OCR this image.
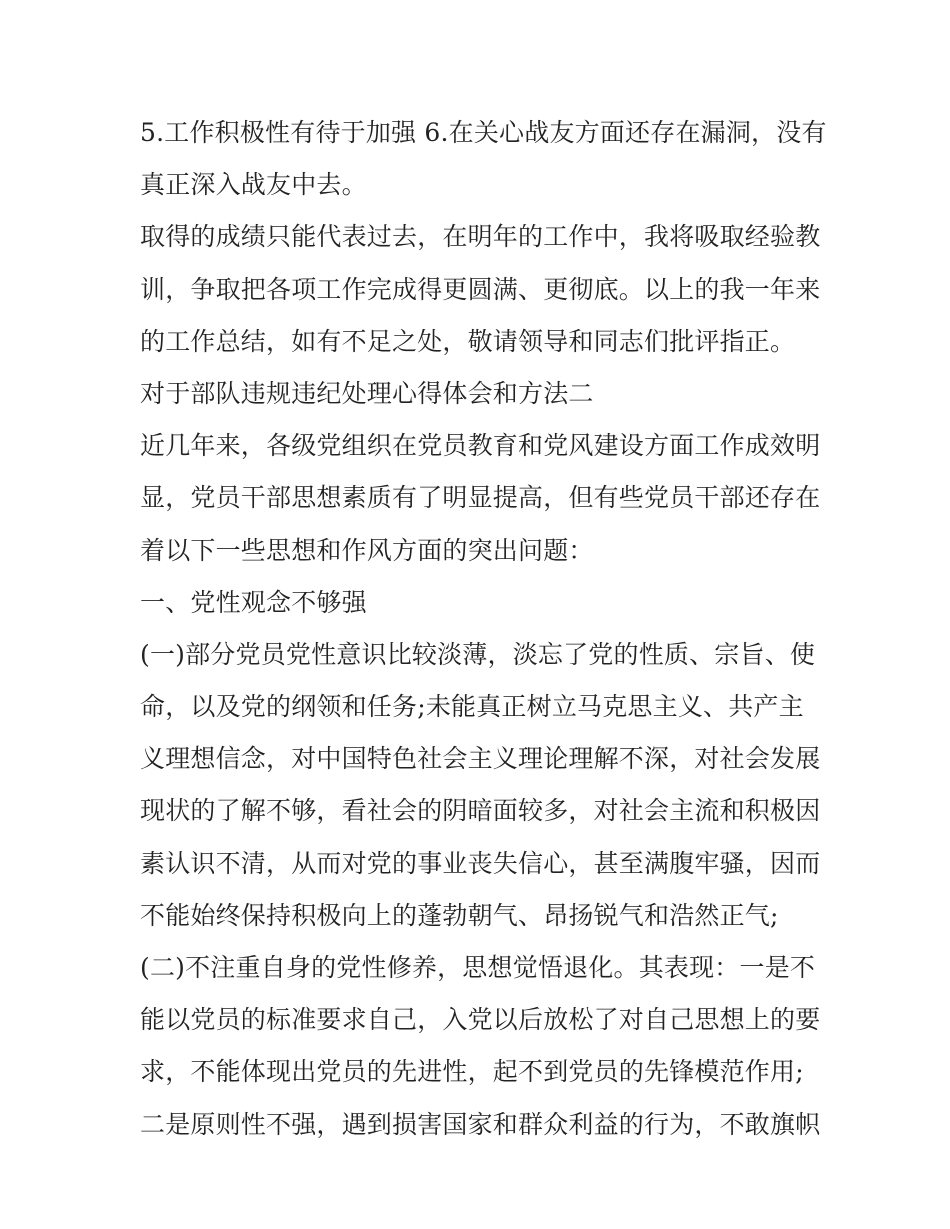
5.工作积极性有待于加强 6.在关心战友方面还存在漏洞，没有
真正深入战友中去。
取得的成绩只能代表过去，在明年的工作中，我将吸取经验教
训，争取把各项工作完成得更圆满、更彻底。以上的我一年来
的工作总结，如有不足之处，敬请领导和同志们批评指正。
对于部队违规违纪处理心得体会和方法二
近几年来，各级党组织在党员教育和党风建设方面工作成效明
显，党员干部思想素质有了明显提高，但有些党员干部还存在
着以下一些思想和作风方面的突出问题：
一、党性观念不够强
(一)部分党员党性意识比较淡薄，淡忘了党的性质、宗旨、使
命，以及党的纲领和任务;未能真正树立马克思主义、共产主
义理想信念，对中国特色社会主义理论理解不深，对社会发展
现状的了解不够，看社会的阴暗面较多，对社会主流和积极因
素认识不清，从而对党的事业丧失信心，甚至满腹牢骚，因而
不能始终保持积极向上的蓬勃朝气、昂扬锐气和浩然正气;
(二)不注重自身的党性修养，思想觉悟退化。其表现：一是不
能以党员的标准要求自己，入党以后放松了对自己思想上的要
求，不能体现出党员的先进性，起不到党员的先锋模范作用;
二是原则性不强，遇到损害国家和群众利益的行为，不敢旗帜
